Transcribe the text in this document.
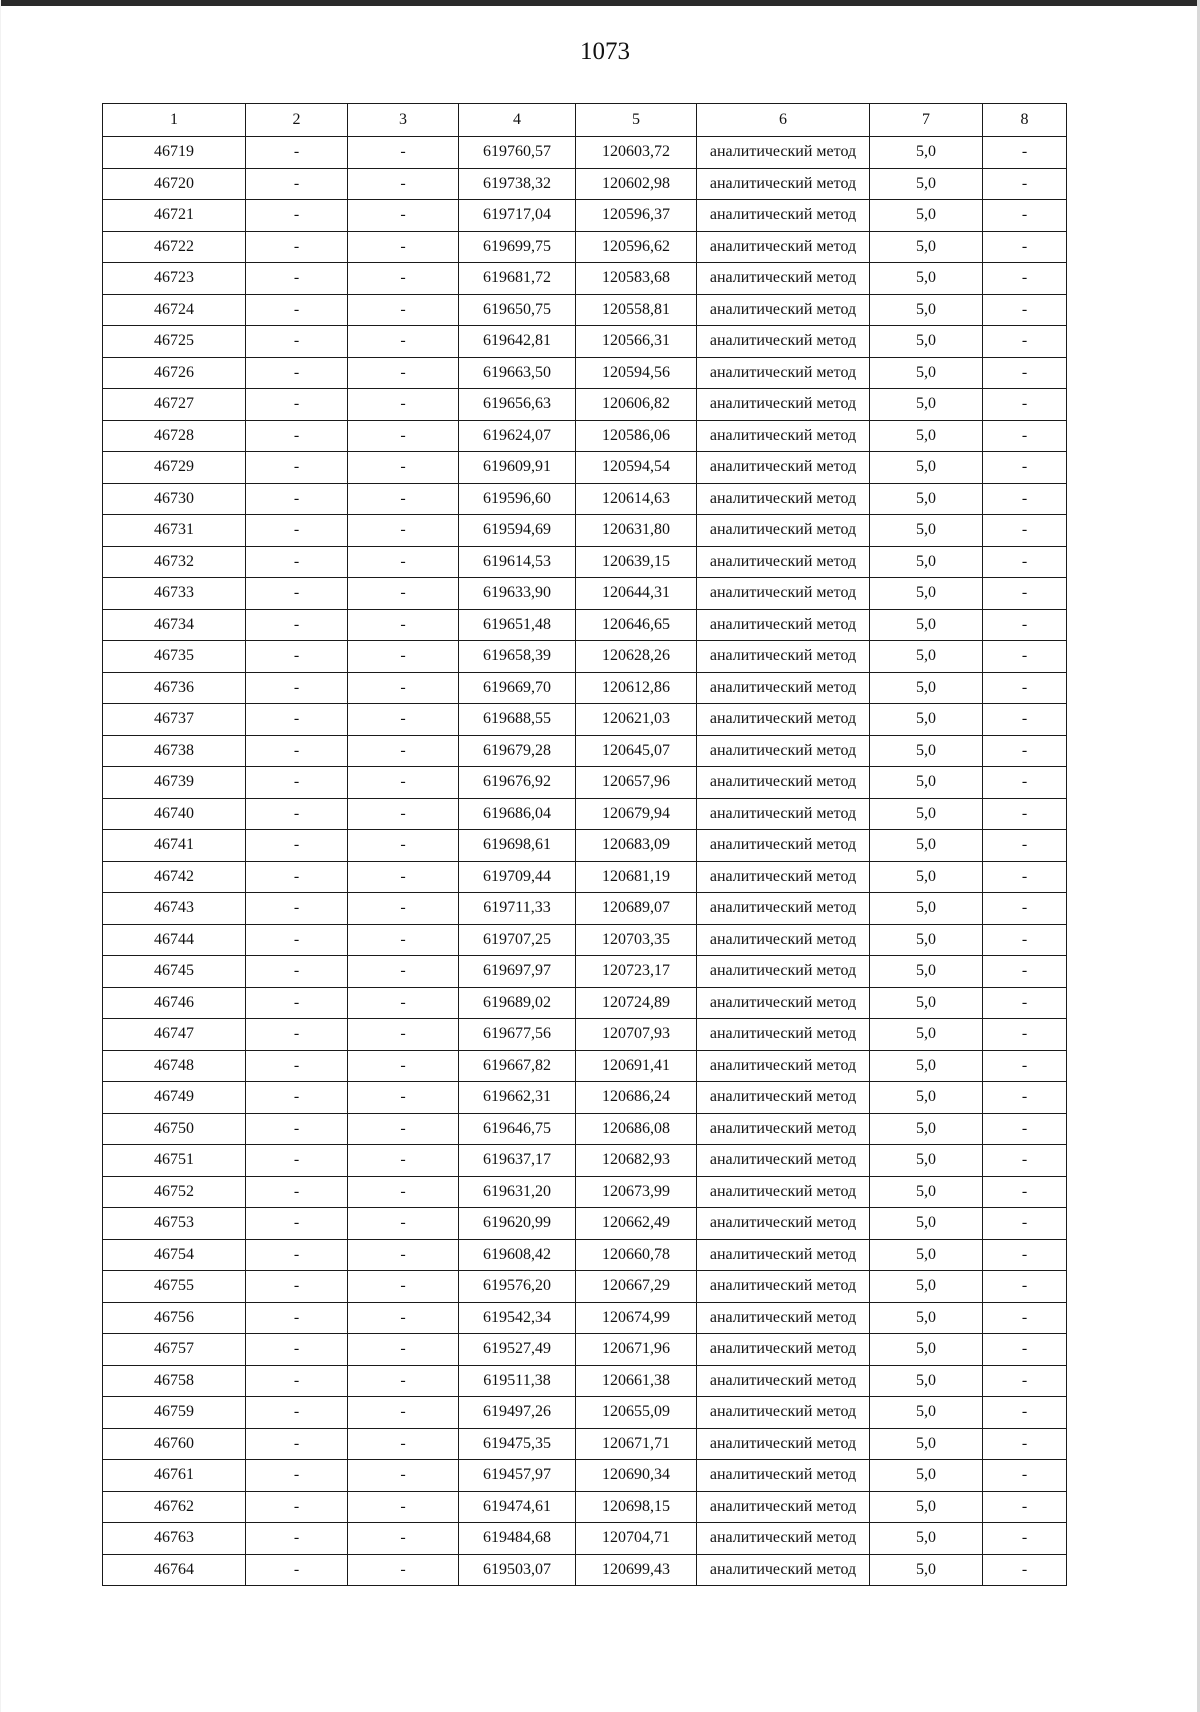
1073
1	2	3	4	5	6	7	8
46719	-	-	619760,57	120603,72	аналитический метод	5,0	-
46720	-	-	619738,32	120602,98	аналитический метод	5,0	-
46721	-	-	619717,04	120596,37	аналитический метод	5,0	-
46722	-	-	619699,75	120596,62	аналитический метод	5,0	-
46723	-	-	619681,72	120583,68	аналитический метод	5,0	-
46724	-	-	619650,75	120558,81	аналитический метод	5,0	-
46725	-	-	619642,81	120566,31	аналитический метод	5,0	-
46726	-	-	619663,50	120594,56	аналитический метод	5,0	-
46727	-	-	619656,63	120606,82	аналитический метод	5,0	-
46728	-	-	619624,07	120586,06	аналитический метод	5,0	-
46729	-	-	619609,91	120594,54	аналитический метод	5,0	-
46730	-	-	619596,60	120614,63	аналитический метод	5,0	-
46731	-	-	619594,69	120631,80	аналитический метод	5,0	-
46732	-	-	619614,53	120639,15	аналитический метод	5,0	-
46733	-	-	619633,90	120644,31	аналитический метод	5,0	-
46734	-	-	619651,48	120646,65	аналитический метод	5,0	-
46735	-	-	619658,39	120628,26	аналитический метод	5,0	-
46736	-	-	619669,70	120612,86	аналитический метод	5,0	-
46737	-	-	619688,55	120621,03	аналитический метод	5,0	-
46738	-	-	619679,28	120645,07	аналитический метод	5,0	-
46739	-	-	619676,92	120657,96	аналитический метод	5,0	-
46740	-	-	619686,04	120679,94	аналитический метод	5,0	-
46741	-	-	619698,61	120683,09	аналитический метод	5,0	-
46742	-	-	619709,44	120681,19	аналитический метод	5,0	-
46743	-	-	619711,33	120689,07	аналитический метод	5,0	-
46744	-	-	619707,25	120703,35	аналитический метод	5,0	-
46745	-	-	619697,97	120723,17	аналитический метод	5,0	-
46746	-	-	619689,02	120724,89	аналитический метод	5,0	-
46747	-	-	619677,56	120707,93	аналитический метод	5,0	-
46748	-	-	619667,82	120691,41	аналитический метод	5,0	-
46749	-	-	619662,31	120686,24	аналитический метод	5,0	-
46750	-	-	619646,75	120686,08	аналитический метод	5,0	-
46751	-	-	619637,17	120682,93	аналитический метод	5,0	-
46752	-	-	619631,20	120673,99	аналитический метод	5,0	-
46753	-	-	619620,99	120662,49	аналитический метод	5,0	-
46754	-	-	619608,42	120660,78	аналитический метод	5,0	-
46755	-	-	619576,20	120667,29	аналитический метод	5,0	-
46756	-	-	619542,34	120674,99	аналитический метод	5,0	-
46757	-	-	619527,49	120671,96	аналитический метод	5,0	-
46758	-	-	619511,38	120661,38	аналитический метод	5,0	-
46759	-	-	619497,26	120655,09	аналитический метод	5,0	-
46760	-	-	619475,35	120671,71	аналитический метод	5,0	-
46761	-	-	619457,97	120690,34	аналитический метод	5,0	-
46762	-	-	619474,61	120698,15	аналитический метод	5,0	-
46763	-	-	619484,68	120704,71	аналитический метод	5,0	-
46764	-	-	619503,07	120699,43	аналитический метод	5,0	-
